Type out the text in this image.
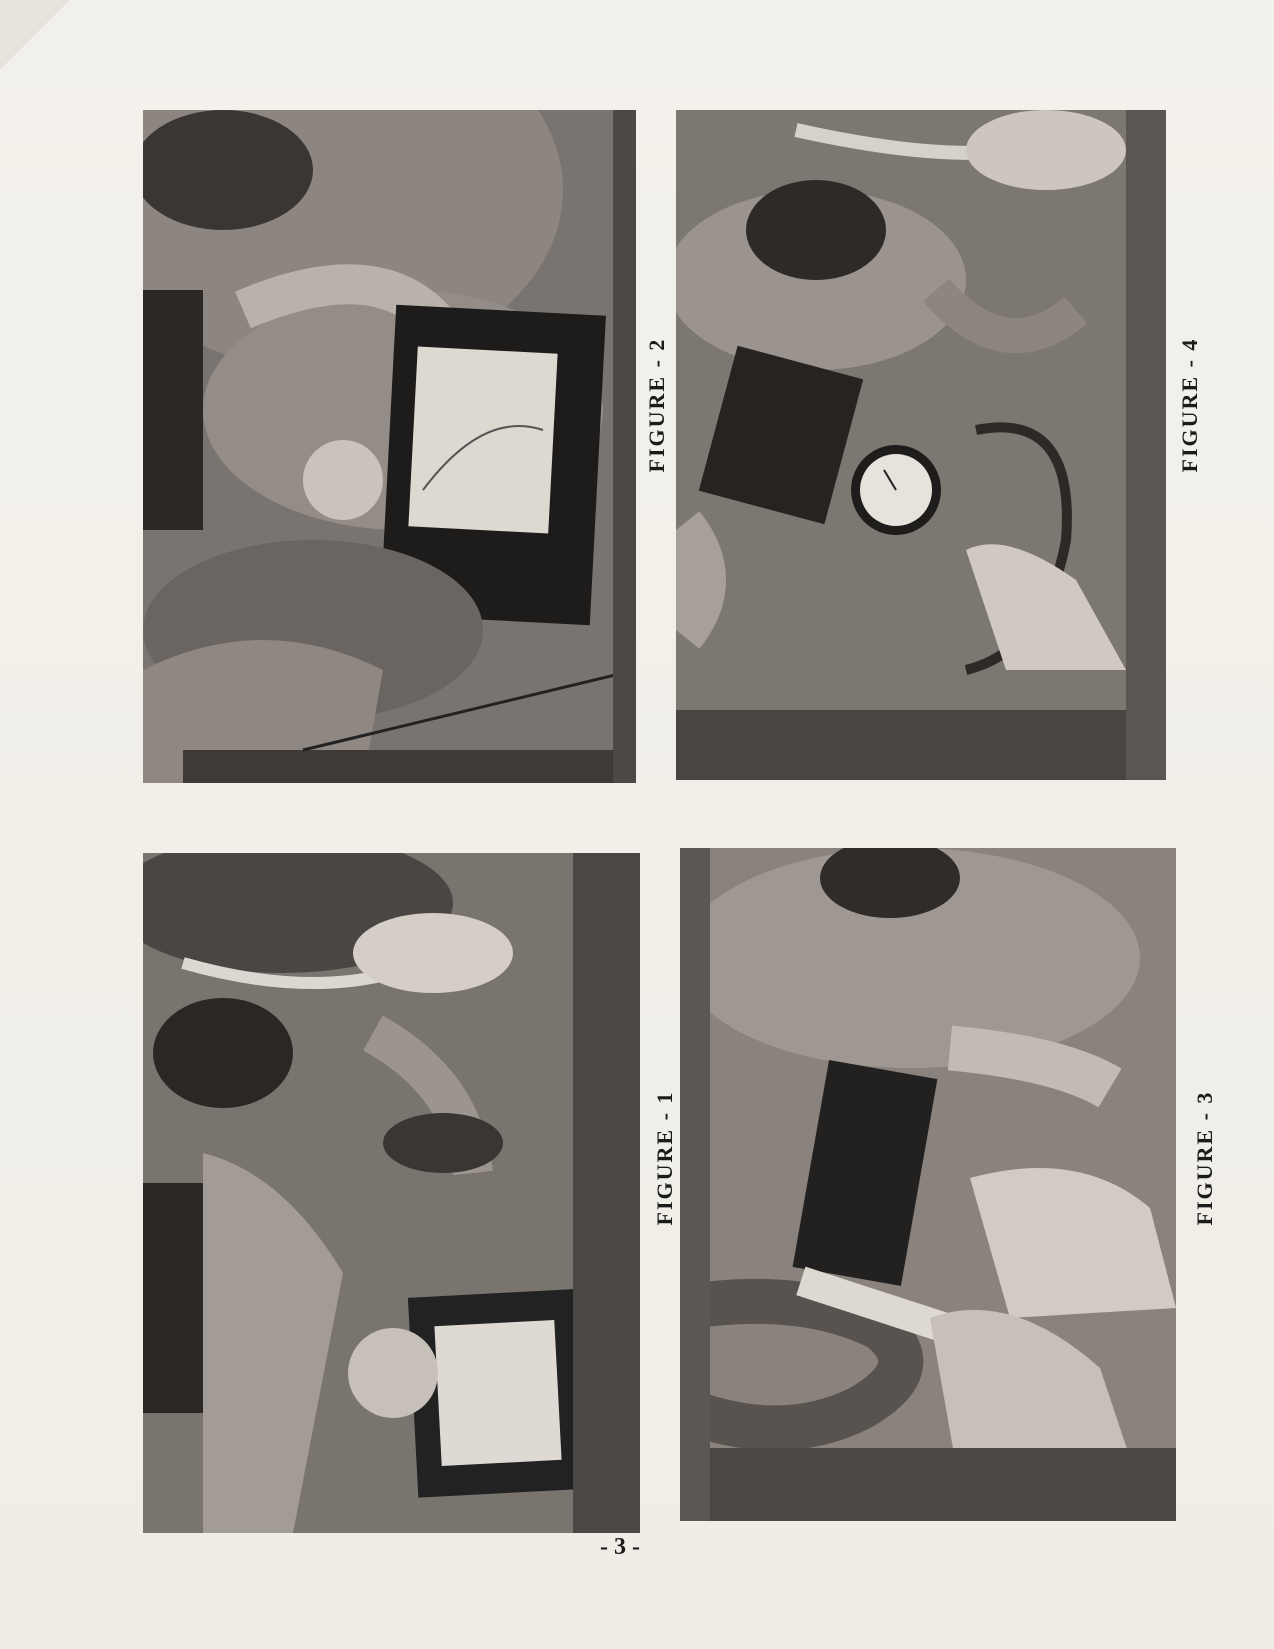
FIGURE - 2	FIGURE - 4
FIGURE - 1	FIGURE - 3
- 3 -
